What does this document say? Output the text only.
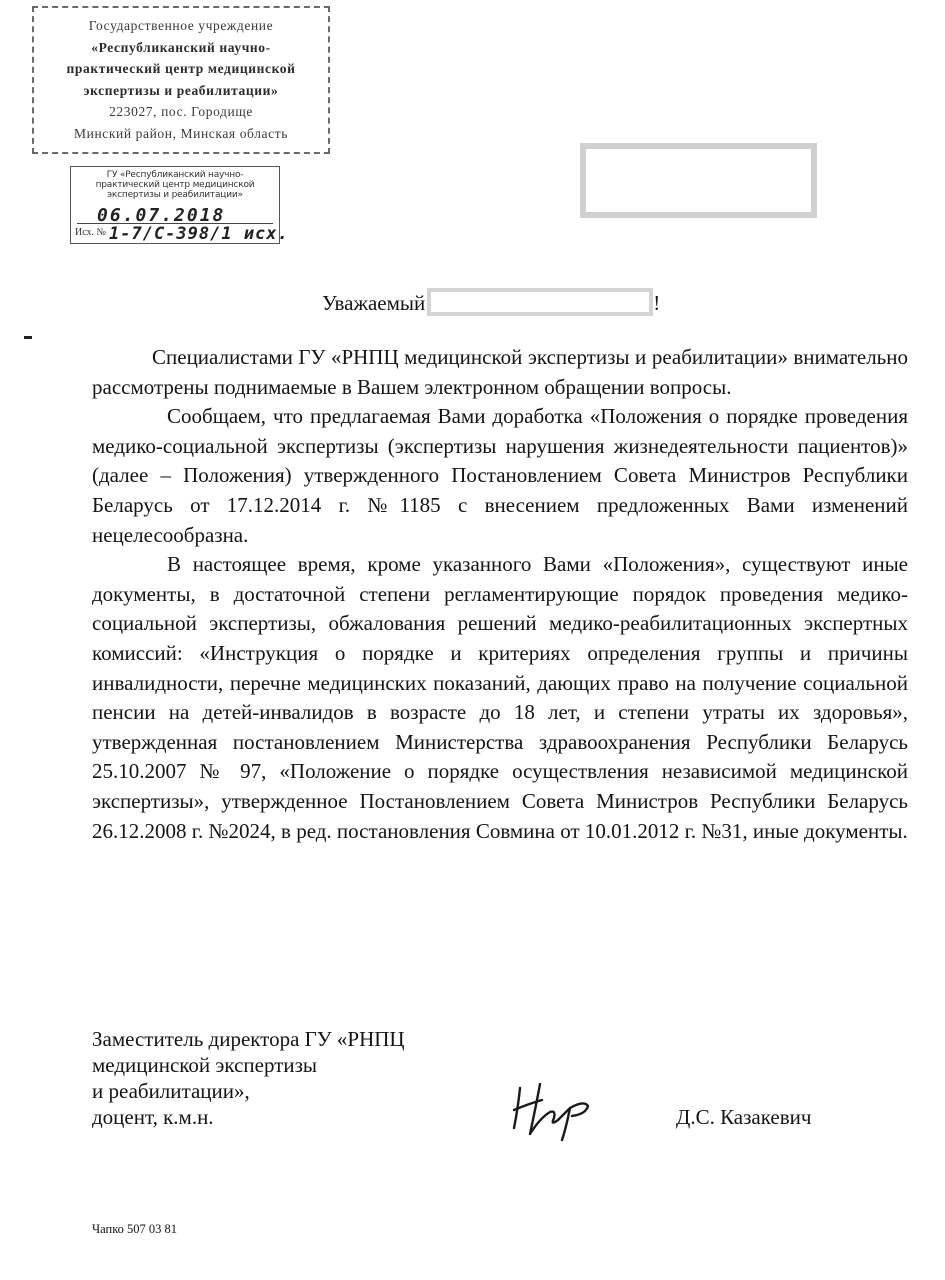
Государственное учреждение
«Республиканский научно-
практический центр медицинской
экспертизы и реабилитации»
223027, пос. Городище
Минский район, Минская область
ГУ «Республиканский научно-
практический центр медицинской
экспертизы и реабилитации»
06.07.2018
Исх. № 1-7/С-398/1 исх.
Уважаемый	!

Специалистами ГУ «РНПЦ медицинской экспертизы и реабилитации» внимательно рассмотрены поднимаемые в Вашем электронном обращении вопросы.

Сообщаем, что предлагаемая Вами доработка «Положения о порядке проведения медико-социальной экспертизы (экспертизы нарушения жизнедеятельности пациентов)» (далее – Положения) утвержденного Постановлением Совета Министров Республики Беларусь от 17.12.2014 г. №1185 с внесением предложенных Вами изменений нецелесообразна.

В настоящее время, кроме указанного Вами «Положения», существуют иные документы, в достаточной степени регламентирующие порядок проведения медико-социальной экспертизы, обжалования решений медико-реабилитационных экспертных комиссий: «Инструкция о порядке и критериях определения группы и причины инвалидности, перечне медицинских показаний, дающих право на получение социальной пенсии на детей-инвалидов в возрасте до 18 лет, и степени утраты их здоровья», утвержденная постановлением Министерства здравоохранения Республики Беларусь 25.10.2007 № 97, «Положение о порядке осуществления независимой медицинской экспертизы», утвержденное Постановлением Совета Министров Республики Беларусь 26.12.2008 г. №2024, в ред. постановления Совмина от 10.01.2012 г. №31, иные документы.

Заместитель директора ГУ «РНПЦ
медицинской экспертизы
и реабилитации»,
доцент, к.м.н.	Д.С. Казакевич
Чапко 507 03 81
